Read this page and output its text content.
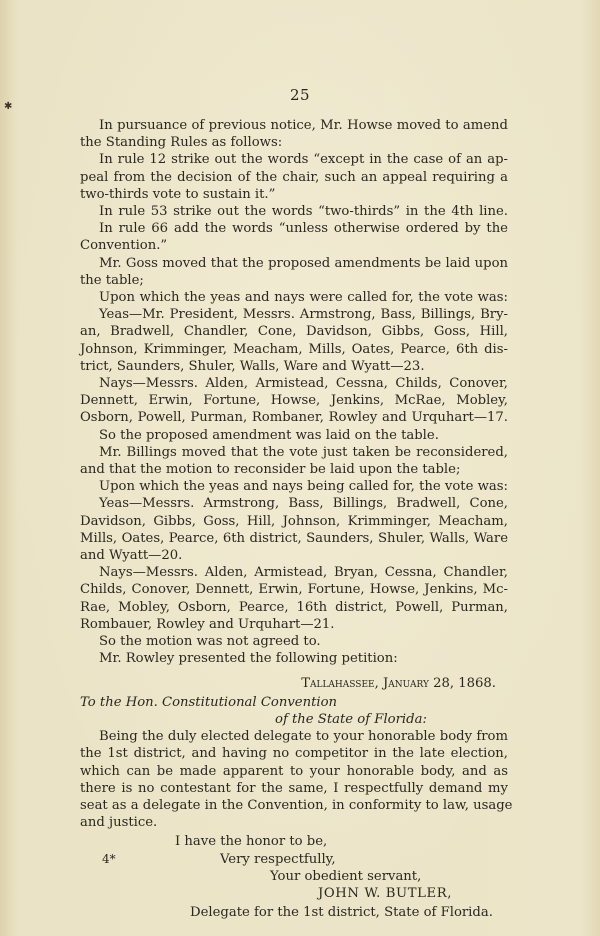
✱
25
In pursuance of previous notice, Mr. Howse moved to amend
the Standing Rules as follows:
In rule 12 strike out the words “except in the case of an ap-
peal from the decision of the chair, such an appeal requiring a
two-thirds vote to sustain it.”
In rule 53 strike out the words “two-thirds” in the 4th line.
In rule 66 add the words “unless otherwise ordered by the
Convention.”
Mr. Goss moved that the proposed amendments be laid upon
the table;
Upon which the yeas and nays were called for, the vote was:
Yeas—Mr. President, Messrs. Armstrong, Bass, Billings, Bry-
an, Bradwell, Chandler, Cone, Davidson, Gibbs, Goss, Hill,
Johnson, Krimminger, Meacham, Mills, Oates, Pearce, 6th dis-
trict, Saunders, Shuler, Walls, Ware and Wyatt—23.
Nays—Messrs. Alden, Armistead, Cessna, Childs, Conover,
Dennett, Erwin, Fortune, Howse, Jenkins, McRae, Mobley,
Osborn, Powell, Purman, Rombaner, Rowley and Urquhart—17.
So the proposed amendment was laid on the table.
Mr. Billings moved that the vote just taken be reconsidered,
and that the motion to reconsider be laid upon the table;
Upon which the yeas and nays being called for, the vote was:
Yeas—Messrs. Armstrong, Bass, Billings, Bradwell, Cone,
Davidson, Gibbs, Goss, Hill, Johnson, Krimminger, Meacham,
Mills, Oates, Pearce, 6th district, Saunders, Shuler, Walls, Ware
and Wyatt—20.
Nays—Messrs. Alden, Armistead, Bryan, Cessna, Chandler,
Childs, Conover, Dennett, Erwin, Fortune, Howse, Jenkins, Mc-
Rae, Mobley, Osborn, Pearce, 16th district, Powell, Purman,
Rombauer, Rowley and Urquhart—21.
So the motion was not agreed to.
Mr. Rowley presented the following petition:
Tallahassee, January 28, 1868.
To the Hon. Constitutional Convention
of the State of Florida:
Being the duly elected delegate to your honorable body from
the 1st district, and having no competitor in the late election,
which can be made apparent to your honorable body, and as
there is no contestant for the same, I respectfully demand my
seat as a delegate in the Convention, in conformity to law, usage
and justice.
I have the honor to be,
Very respectfully,
Your obedient servant,
JOHN W. BUTLER,
Delegate for the 1st district, State of Florida.
4*
